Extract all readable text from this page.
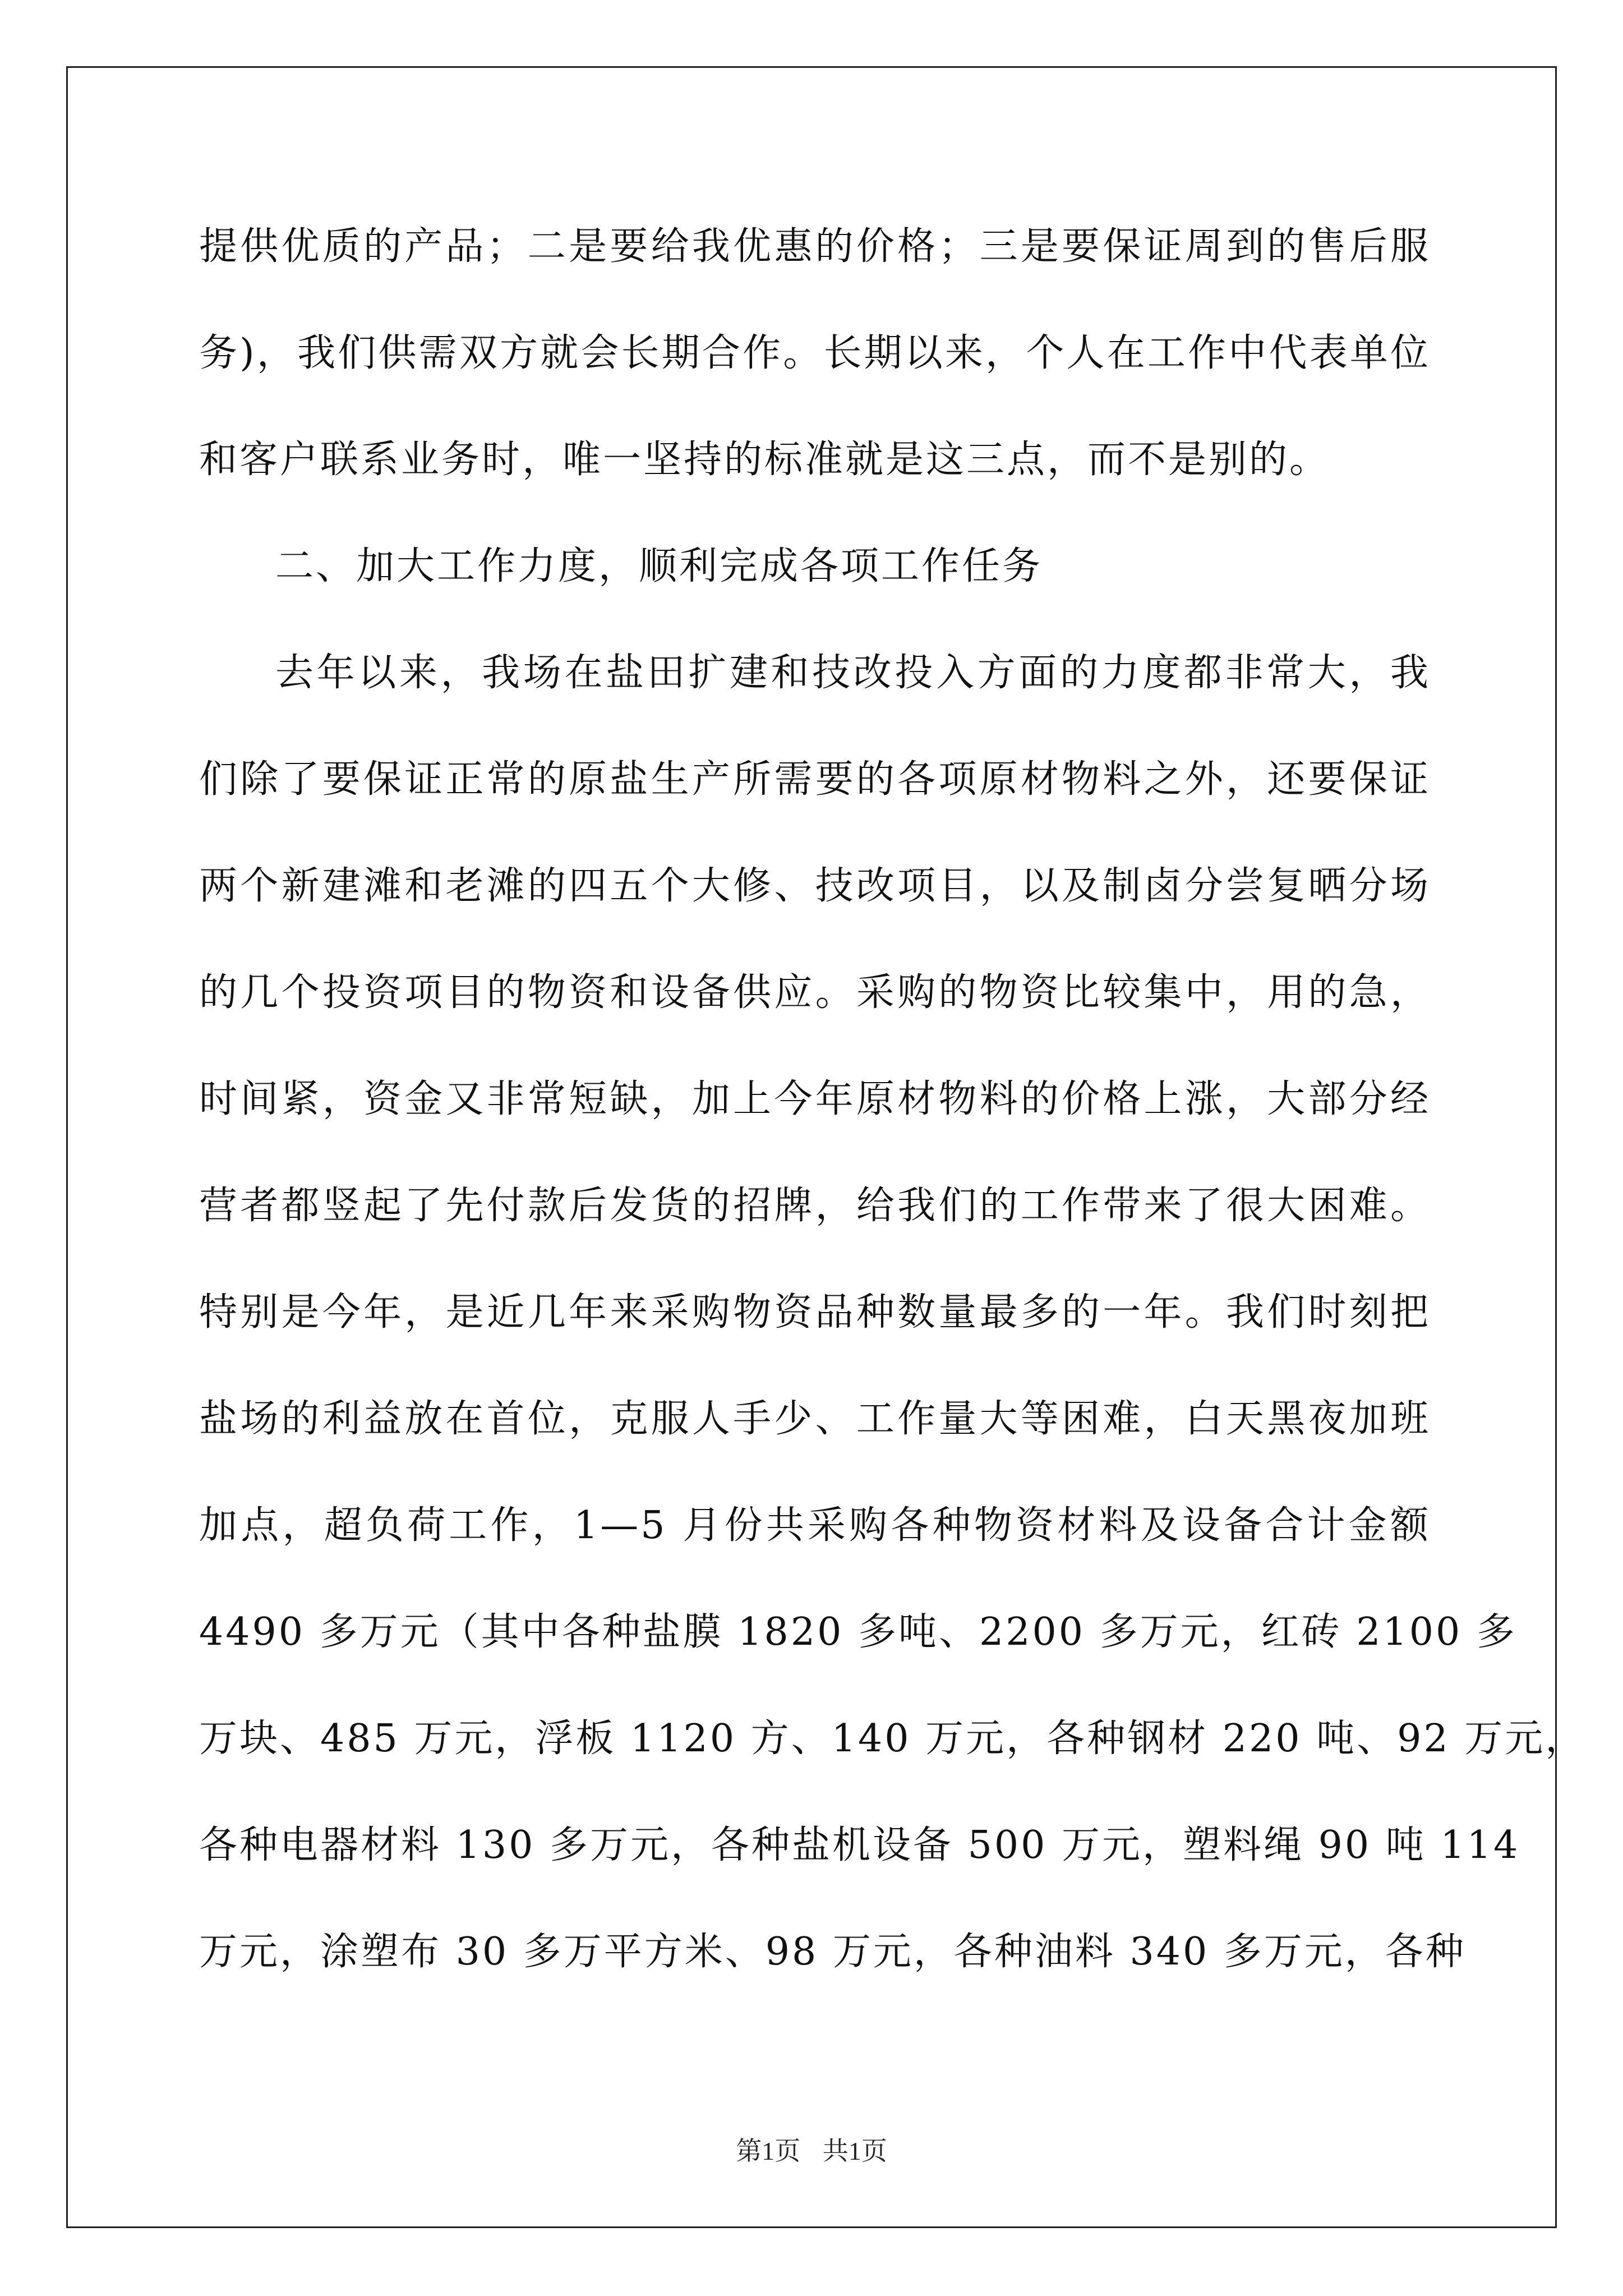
提供优质的产品；二是要给我优惠的价格；三是要保证周到的售后服
务)，我们供需双方就会长期合作。长期以来，个人在工作中代表单位
和客户联系业务时，唯一坚持的标准就是这三点，而不是别的。
二、加大工作力度，顺利完成各项工作任务
去年以来，我场在盐田扩建和技改投入方面的力度都非常大，我
们除了要保证正常的原盐生产所需要的各项原材物料之外，还要保证
两个新建滩和老滩的四五个大修、技改项目，以及制卤分尝复晒分场
的几个投资项目的物资和设备供应。采购的物资比较集中，用的急，
时间紧，资金又非常短缺，加上今年原材物料的价格上涨，大部分经
营者都竖起了先付款后发货的招牌，给我们的工作带来了很大困难。
特别是今年，是近几年来采购物资品种数量最多的一年。我们时刻把
盐场的利益放在首位，克服人手少、工作量大等困难，白天黑夜加班
加点，超负荷工作，1—5 月份共采购各种物资材料及设备合计金额
4490 多万元（其中各种盐膜 1820 多吨、2200 多万元，红砖 2100 多
万块、485 万元，浮板 1120 方、140 万元，各种钢材 220 吨、92 万元，
各种电器材料 130 多万元，各种盐机设备 500 万元，塑料绳 90 吨 114
万元，涂塑布 30 多万平方米、98 万元，各种油料 340 多万元，各种
第1页 共1页
